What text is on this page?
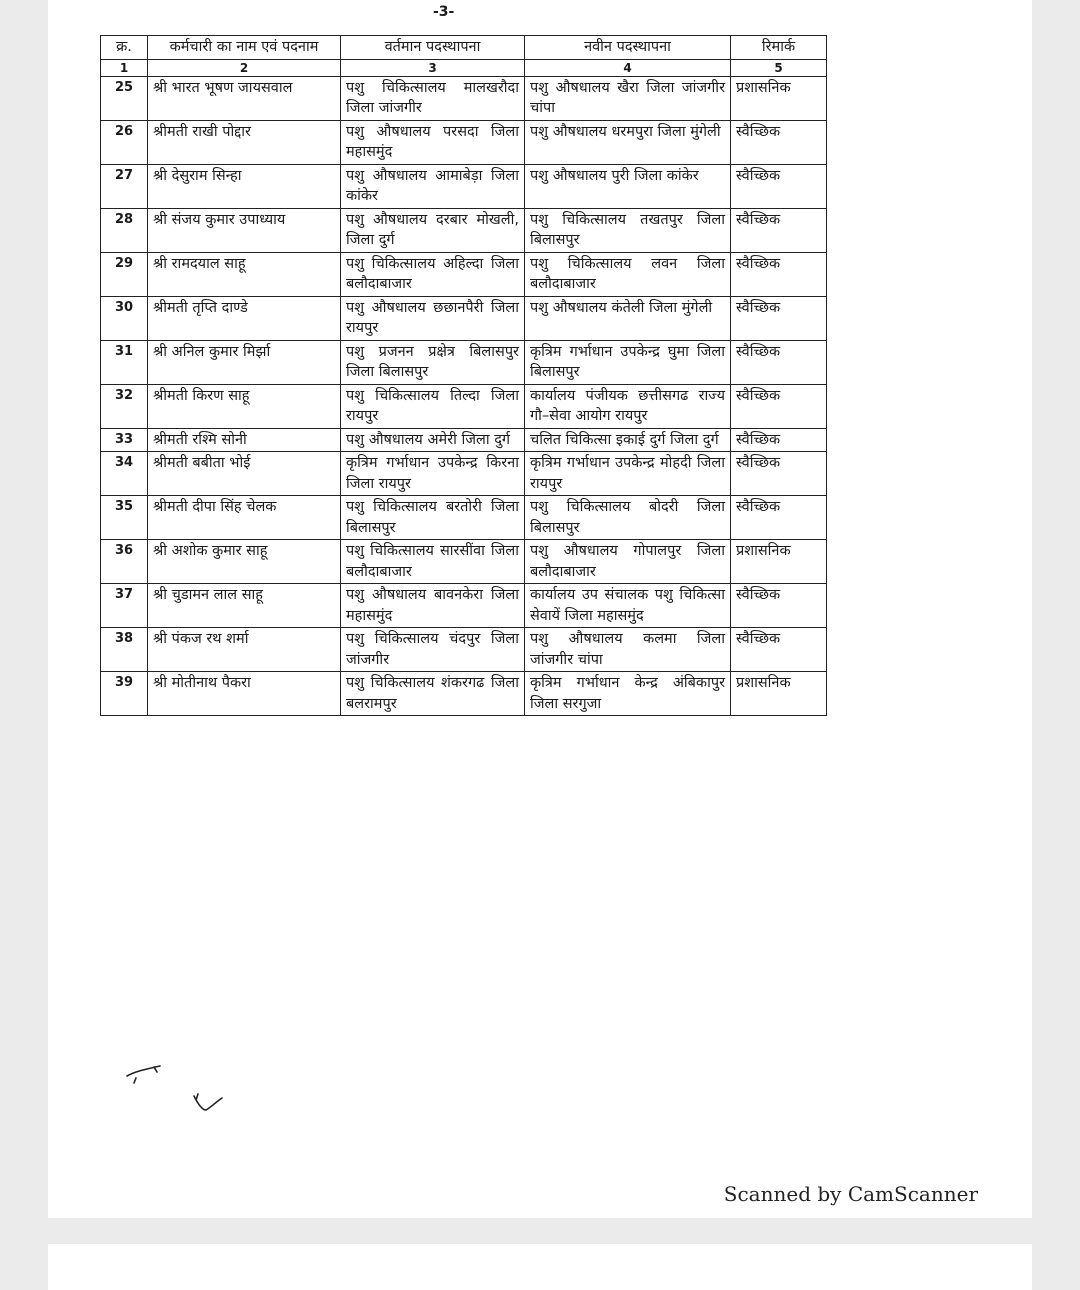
-3-
क्र.	कर्मचारी का नाम एवं पदनाम	वर्तमान पदस्थापना	नवीन पदस्थापना	रिमार्क
1	2	3	4	5
25	श्री भारत भूषण जायसवाल	पशु चिकित्सालय मालखरौदा जिला जांजगीर	पशु औषधालय खैरा जिला जांजगीर चांपा	प्रशासनिक
26	श्रीमती राखी पोद्दार	पशु औषधालय परसदा जिला महासमुंद	पशु औषधालय धरमपुरा जिला मुंगेली	स्वैच्छिक
27	श्री देसुराम सिन्हा	पशु औषधालय आमाबेड़ा जिला कांकेर	पशु औषधालय पुरी जिला कांकेर	स्वैच्छिक
28	श्री संजय कुमार उपाध्याय	पशु औषधालय दरबार मोखली, जिला दुर्ग	पशु चिकित्सालय तखतपुर जिला बिलासपुर	स्वैच्छिक
29	श्री रामदयाल साहू	पशु चिकित्सालय अहिल्दा जिला बलौदाबाजार	पशु चिकित्सालय लवन जिला बलौदाबाजार	स्वैच्छिक
30	श्रीमती तृप्ति दाण्डे	पशु औषधालय छछानपैरी जिला रायपुर	पशु औषधालय कंतेली जिला मुंगेली	स्वैच्छिक
31	श्री अनिल कुमार मिर्झा	पशु प्रजनन प्रक्षेत्र बिलासपुर जिला बिलासपुर	कृत्रिम गर्भाधान उपकेन्द्र घुमा जिला बिलासपुर	स्वैच्छिक
32	श्रीमती किरण साहू	पशु चिकित्सालय तिल्दा जिला रायपुर	कार्यालय पंजीयक छत्तीसगढ राज्य गौ–सेवा आयोग रायपुर	स्वैच्छिक
33	श्रीमती रश्मि सोनी	पशु औषधालय अमेरी जिला दुर्ग	चलित चिकित्सा इकाई दुर्ग जिला दुर्ग	स्वैच्छिक
34	श्रीमती बबीता भोई	कृत्रिम गर्भाधान उपकेन्द्र किरना जिला रायपुर	कृत्रिम गर्भाधान उपकेन्द्र मोहदी जिला रायपुर	स्वैच्छिक
35	श्रीमती दीपा सिंह चेलक	पशु चिकित्सालय बरतोरी जिला बिलासपुर	पशु चिकित्सालय बोदरी जिला बिलासपुर	स्वैच्छिक
36	श्री अशोक कुमार साहू	पशु चिकित्सालय सारसींवा जिला बलौदाबाजार	पशु औषधालय गोपालपुर जिला बलौदाबाजार	प्रशासनिक
37	श्री चुडामन लाल साहू	पशु औषधालय बावनकेरा जिला महासमुंद	कार्यालय उप संचालक पशु चिकित्सा सेवायें जिला महासमुंद	स्वैच्छिक
38	श्री पंकज रथ शर्मा	पशु चिकित्सालय चंदपुर जिला जांजगीर	पशु औषधालय कलमा जिला जांजगीर चांपा	स्वैच्छिक
39	श्री मोतीनाथ पैकरा	पशु चिकित्सालय शंकरगढ जिला बलरामपुर	कृत्रिम गर्भाधान केन्द्र अंबिकापुर जिला सरगुजा	प्रशासनिक
Scanned by CamScanner
